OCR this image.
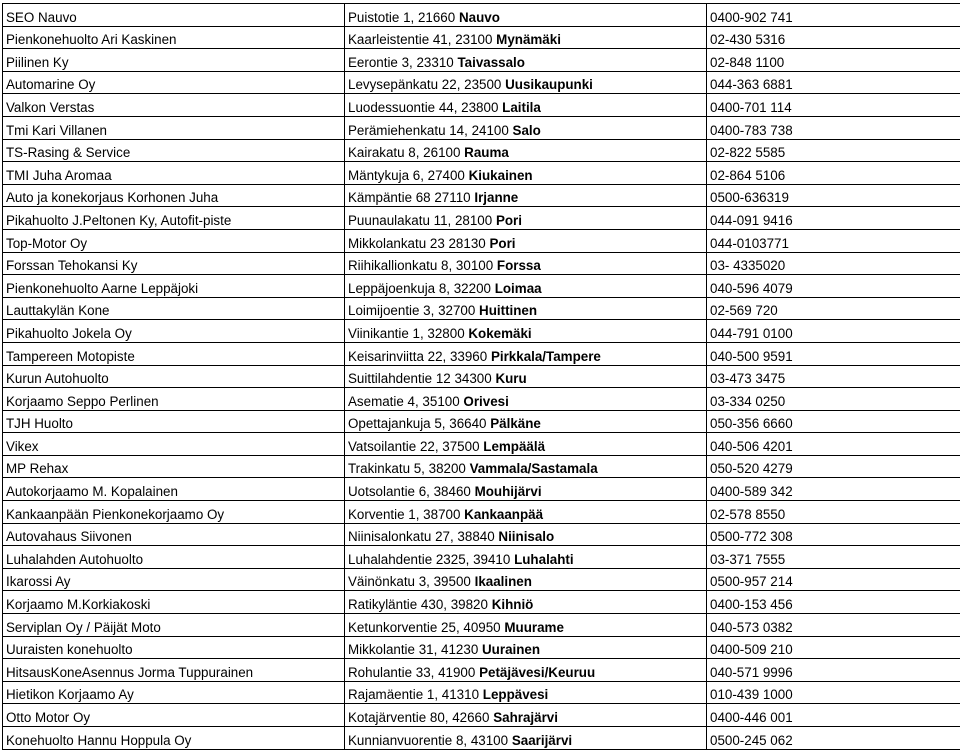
SEO Nauvo	Puistotie 1, 21660 Nauvo	0400-902 741
Pienkonehuolto Ari Kaskinen	Kaarleistentie 41, 23100 Mynämäki	02-430 5316
Piilinen Ky	Eerontie 3, 23310 Taivassalo	02-848 1100
Automarine Oy	Levysepänkatu 22, 23500 Uusikaupunki	044-363 6881
Valkon Verstas	Luodessuontie 44, 23800 Laitila	0400-701 114
Tmi Kari Villanen	Perämiehenkatu 14, 24100 Salo	0400-783 738
TS-Rasing & Service	Kairakatu 8, 26100 Rauma	02-822 5585
TMI Juha Aromaa	Mäntykuja 6, 27400 Kiukainen	02-864 5106
Auto ja konekorjaus Korhonen Juha	Kämpäntie 68 27110 Irjanne	0500-636319
Pikahuolto J.Peltonen Ky, Autofit-piste	Puunaulakatu 11, 28100 Pori	044-091 9416
Top-Motor Oy	Mikkolankatu 23 28130 Pori	044-0103771
Forssan Tehokansi Ky	Riihikallionkatu 8, 30100 Forssa	03- 4335020
Pienkonehuolto Aarne Leppäjoki	Leppäjoenkuja 8, 32200 Loimaa	040-596 4079
Lauttakylän Kone	Loimijoentie 3, 32700 Huittinen	02-569 720
Pikahuolto Jokela Oy	Viinikantie 1, 32800 Kokemäki	044-791 0100
Tampereen Motopiste	Keisarinviitta 22, 33960 Pirkkala/Tampere	040-500 9591
Kurun Autohuolto	Suittilahdentie 12 34300 Kuru	03-473 3475
Korjaamo Seppo Perlinen	Asematie 4, 35100 Orivesi	03-334 0250
TJH Huolto	Opettajankuja 5, 36640 Pälkäne	050-356 6660
Vikex	Vatsoilantie 22, 37500 Lempäälä	040-506 4201
MP Rehax	Trakinkatu 5, 38200 Vammala/Sastamala	050-520 4279
Autokorjaamo M. Kopalainen	Uotsolantie 6, 38460 Mouhijärvi	0400-589 342
Kankaanpään Pienkonekorjaamo Oy	Korventie 1, 38700 Kankaanpää	02-578 8550
Autovahaus Siivonen	Niinisalonkatu 27, 38840 Niinisalo	0500-772 308
Luhalahden Autohuolto	Luhalahdentie 2325, 39410 Luhalahti	03-371 7555
Ikarossi Ay	Väinönkatu 3, 39500 Ikaalinen	0500-957 214
Korjaamo M.Korkiakoski	Ratikyläntie 430, 39820 Kihniö	0400-153 456
Serviplan Oy / Päijät Moto	Ketunkorventie 25, 40950 Muurame	040-573 0382
Uuraisten konehuolto	Mikkolantie 31, 41230 Uurainen	0400-509 210
HitsausKoneAsennus Jorma Tuppurainen	Rohulantie 33, 41900 Petäjävesi/Keuruu	040-571 9996
Hietikon Korjaamo Ay	Rajamäentie 1, 41310 Leppävesi	010-439 1000
Otto Motor Oy	Kotajärventie 80, 42660 Sahrajärvi	0400-446 001
Konehuolto Hannu Hoppula Oy	Kunnianvuorentie 8, 43100 Saarijärvi	0500-245 062
